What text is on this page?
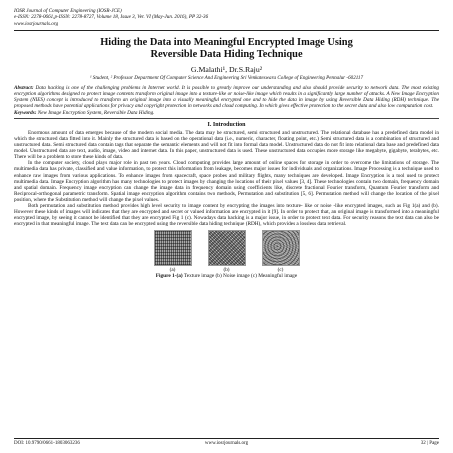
IOSR Journal of Computer Engineering (IOSR-JCE)
e-ISSN: 2278-0661,p-ISSN: 2278-8727, Volume 18, Issue 3, Ver. VI (May-Jun. 2016), PP 32-36
www.iosrjournals.org
Hiding the Data into Meaningful Encrypted Image Using
Reversible Data Hiding Technique
G.Malathi¹, Dr.S.Raju²
¹ Student, ² Professor Department Of Computer Science And Engineering Sri Venkateswara College of Engineering Pennalur -602117
Abstract: Data hacking is one of the challenging problems in Internet world. It is possible to greatly improve our understanding and also should provide security to network data. The most existing encryption algorithms designed to protect image contents transform original image into a texture-like or noise-like image which results in a significantly large number of attacks. A New Image Encryption System (NIES) concept is introduced to transform an original image into a visually meaningful encrypted one and to hide the data in image by using Reversible Data Hiding (RDH) technique. The proposed methods have potential applications for privacy and copyright protection in networks and cloud computing. In which gives effective protection to the secret data and also low computation cost.
Keywords: New Image Encryption System, Reversible Data Hiding.
I. Introduction

Enormous amount of data emerges because of the modern social media. The data may be structured, semi structured and unstructured. The relational database has a predefined data model in which the structured data fitted into it. Mainly the structured data is based on the operational data (i.e., numeric, character, floating point, etc.) Semi structured data is a combination of structured and unstructured data. Semi structured data contain tags that separate the semantic elements and will not fit into formal data model. Unstructured data do not fit into relational data base and predefined data model. Unstructured data are text, audio, image, video and internet data. In this paper, unstructured data is used. These unstructured data occupies more storage like megabyte, gigabyte, terabytes, etc. There will be a problem to store these kinds of data.

In the computer society, cloud plays major role in past ten years. Cloud computing provides large amount of online spaces for storage in order to overcome the limitations of storage. The multimedia data has private, classified and value information, to protect this information from leakage, becomes major issues for individuals and organizations. Image Processing is a technique used to enhance raw images from various applications. To enhance images from spacecraft, space probes and military flights, many techniques are developed. Image Encryption is a tool used to protect multimedia data. Image Encryption algorithm has many technologies to protect images by changing the locations of their pixel values [3, 4]. These technologies contain two domain, frequency domain and spatial domain. Frequency image encryption can change the image data in frequency domain using coefficients like, discrete fractional Fourier transform, Quantum Fourier transform and Reciprocal-orthogonal parametric transform. Spatial image encryption algorithm contains two methods, Permutation and substitution [5, 6]. Permutation method will change the location of the pixel position, where the Substitution method will change the pixel values.

Both permutation and substitution method provides high level security to image content by encrypting the images into texture- like or noise -like encrypted images, such as Fig 1(a) and (b). However these kinds of images will indicates that they are encrypted and secret or valued information are encrypted in it [9]. In order to protect that, an original image is transformed into a meaningful encrypted image, by seeing it cannot be identified that they are encrypted Fig 1 (c). Nowadays data hacking is a major issue, in order to protect text data. For security reasons the text data can also be encrypted in that meaningful image. The text data can be encrypted using the reversible data hiding technique (RDH), which provides a lossless data retrieval.

(a)	(b)	(c)
Figure 1-(a) Texture image (b) Noise image (c) Meaningful image
DOI: 10.9790/0661-1803063236	www.iosrjournals.org	32 | Page
